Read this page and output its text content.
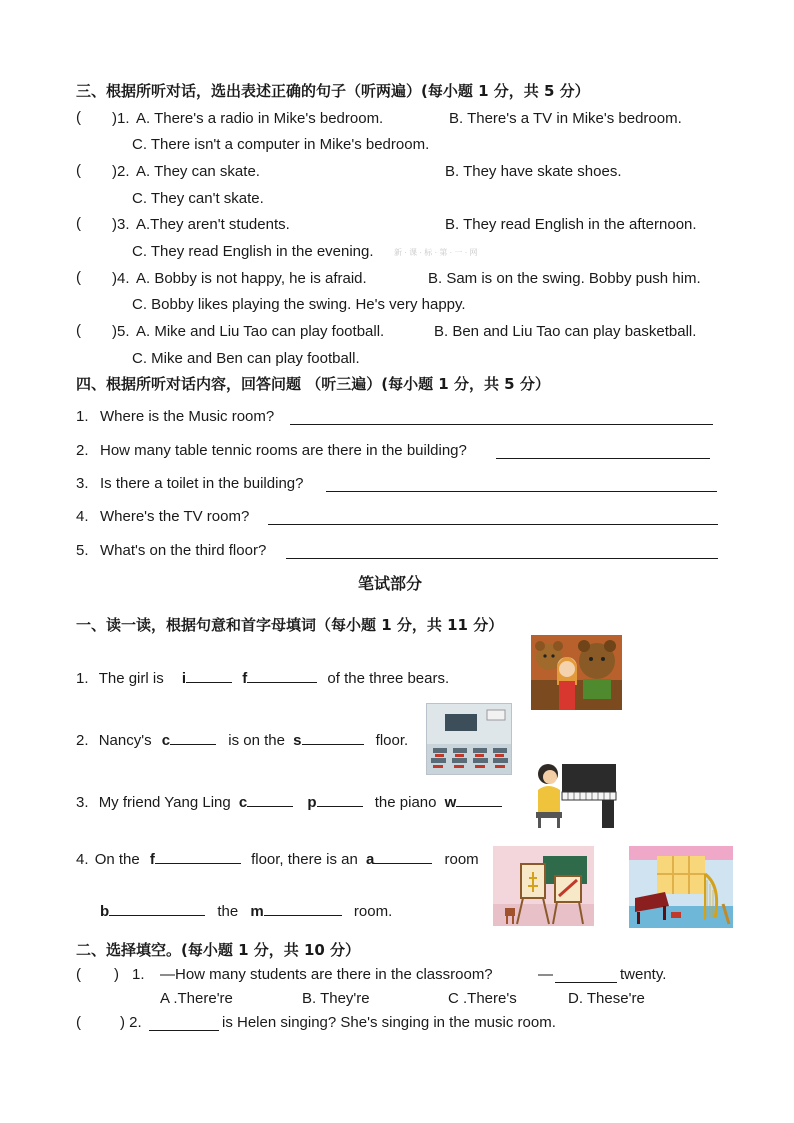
三、根据所听对话，选出表述正确的句子（听两遍）(每小题 1 分，共 5 分）
( )1. A. There's a radio in Mike's bedroom.	B. There's a TV in Mike's bedroom.
C. There isn't a computer in Mike's bedroom.
( )2. A. They can skate.	B. They have skate shoes.
C. They can't skate.
( )3. A.They aren't students.	B. They read English in the afternoon.
C. They read English in the evening.	新 · 课 · 标 · 第 · 一 · 网
( )4. A. Bobby is not happy, he is afraid.	B. Sam is on the swing. Bobby push him.
C. Bobby likes playing the swing. He's very happy.
( )5. A. Mike and Liu Tao can play football.	B. Ben and Liu Tao can play basketball.
C. Mike and Ben can play football.
四、根据所听对话内容，回答问题 （听三遍）(每小题 1 分，共 5 分）
1. Where is the Music room?
2. How many table tennic rooms are there in the building?
3. Is there a toilet in the building?
4. Where's the TV room?
5. What's on the third floor?
笔试部分
一、读一读，根据句意和首字母填词（每小题 1 分，共 11 分）
1. The girl is i	f	of the three bears.
2. Nancy's c	is on the s	floor.
3. My friend Yang Ling c	p	the piano w
4. On the f	floor, there is an a	room
b	the m	room.
二、选择填空。(每小题 1 分，共 10 分）
( ) 1. —How many students are there in the classroom?	—	twenty.
A .There're	B. They're	C .There's	D. These're
(	) 2.	is Helen singing? She's singing in the music room.
